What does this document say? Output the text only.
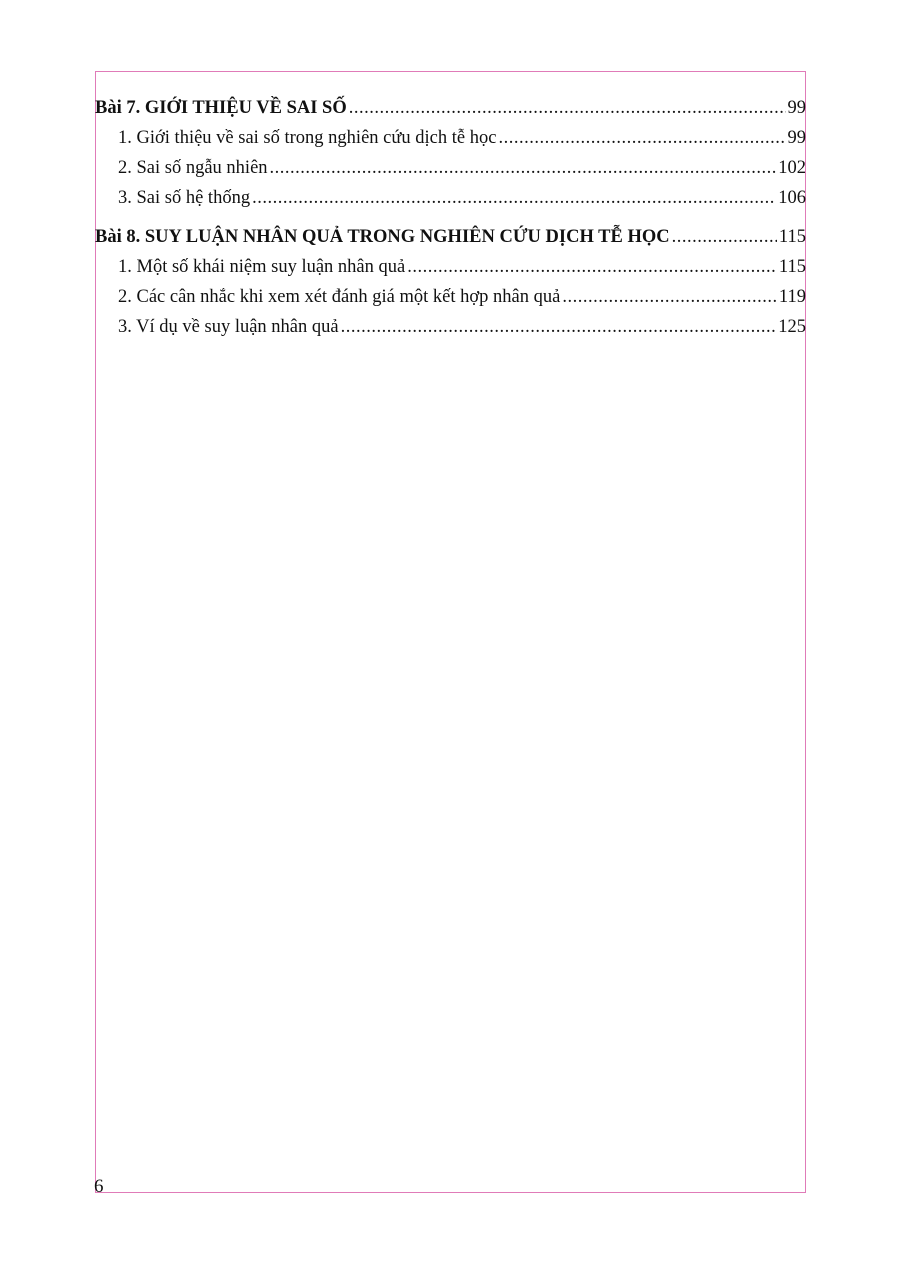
Bài 7. GIỚI THIỆU VỀ SAI SỐ .....	99
1. Giới thiệu về sai số trong nghiên cứu dịch tễ học .....	99
2. Sai số ngẫu nhiên .....	102
3. Sai số hệ thống .....	106
Bài 8. SUY LUẬN NHÂN QUẢ TRONG NGHIÊN CỨU DỊCH TỄ HỌC .....	115
1. Một số khái niệm suy luận nhân quả .....	115
2. Các cân nhắc khi xem xét đánh giá một kết hợp nhân quả .....	119
3. Ví dụ về suy luận nhân quả .....	125
6
